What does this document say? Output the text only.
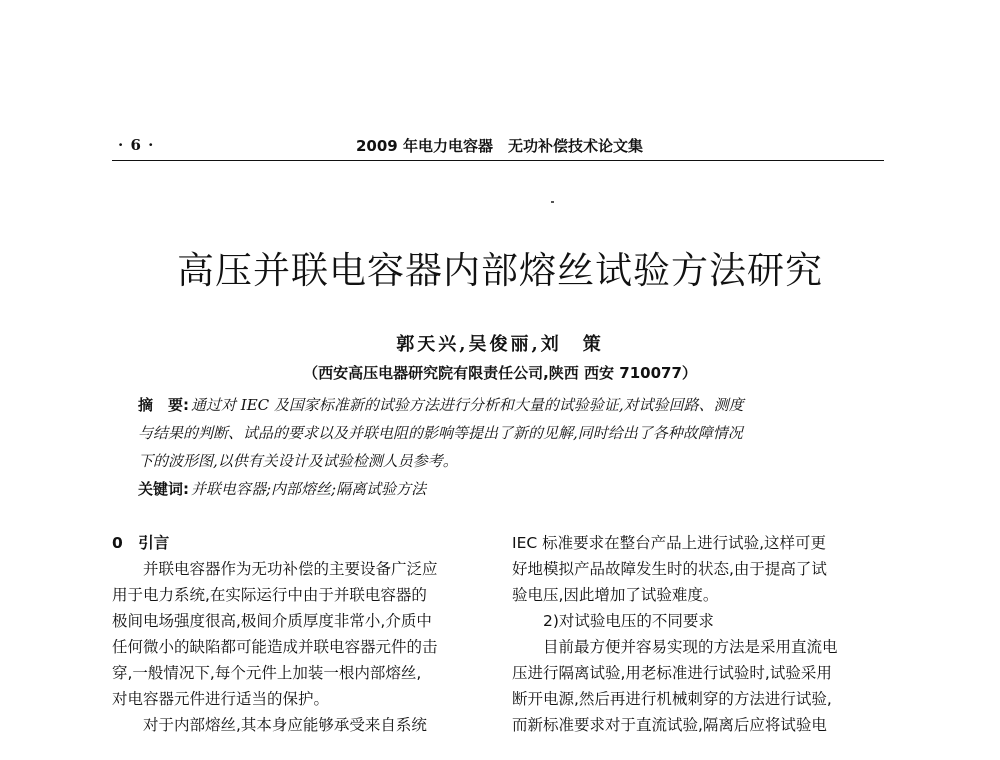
· 6 ·	2009 年电力电容器　无功补偿技术论文集
高压并联电容器内部熔丝试验方法研究
郭天兴,吴俊丽,刘　策
（西安高压电器研究院有限责任公司,陕西 西安 710077）
摘　要: 通过对 IEC 及国家标准新的试验方法进行分析和大量的试验验证,对试验回路、测度
与结果的判断、试品的要求以及并联电阻的影响等提出了新的见解,同时给出了各种故障情况
下的波形图,以供有关设计及试验检测人员参考。
关键词: 并联电容器;内部熔丝;隔离试验方法
0　引言
并联电容器作为无功补偿的主要设备广泛应
用于电力系统,在实际运行中由于并联电容器的
极间电场强度很高,极间介质厚度非常小,介质中
任何微小的缺陷都可能造成并联电容器元件的击
穿,一般情况下,每个元件上加装一根内部熔丝,
对电容器元件进行适当的保护。
对于内部熔丝,其本身应能够承受来自系统
IEC 标准要求在整台产品上进行试验,这样可更
好地模拟产品故障发生时的状态,由于提高了试
验电压,因此增加了试验难度。
2)对试验电压的不同要求
目前最方便并容易实现的方法是采用直流电
压进行隔离试验,用老标准进行试验时,试验采用
断开电源,然后再进行机械刺穿的方法进行试验,
而新标准要求对于直流试验,隔离后应将试验电
